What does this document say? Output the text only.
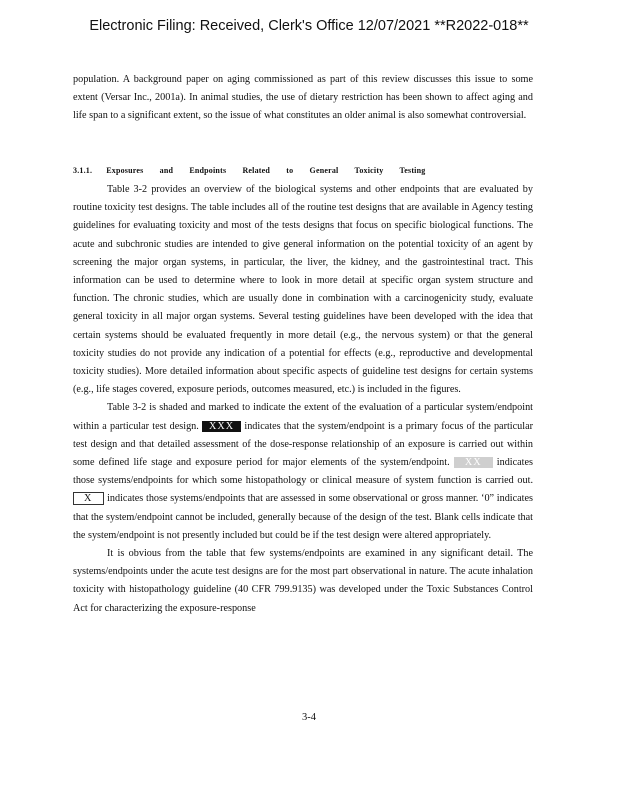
Electronic Filing: Received, Clerk's Office 12/07/2021 **R2022-018**

population. A background paper on aging commissioned as part of this review discusses this issue to some extent (Versar Inc., 2001a). In animal studies, the use of dietary restriction has been shown to affect aging and life span to a significant extent, so the issue of what constitutes an older animal is also somewhat controversial.

3.1.1. Exposures and Endpoints Related to General Toxicity Testing

Table 3-2 provides an overview of the biological systems and other endpoints that are evaluated by routine toxicity test designs. The table includes all of the routine test designs that are available in Agency testing guidelines for evaluating toxicity and most of the tests designs that focus on specific biological functions. The acute and subchronic studies are intended to give general information on the potential toxicity of an agent by screening the major organ systems, in particular, the liver, the kidney, and the gastrointestinal tract. This information can be used to determine where to look in more detail at specific organ system structure and function. The chronic studies, which are usually done in combination with a carcinogenicity study, evaluate general toxicity in all major organ systems. Several testing guidelines have been developed with the idea that certain systems should be evaluated frequently in more detail (e.g., the nervous system) or that the general toxicity studies do not provide any indication of a potential for effects (e.g., reproductive and developmental toxicity studies). More detailed information about specific aspects of guideline test designs for certain systems (e.g., life stages covered, exposure periods, outcomes measured, etc.) is included in the figures.

Table 3-2 is shaded and marked to indicate the extent of the evaluation of a particular system/endpoint within a particular test design. XXX indicates that the system/endpoint is a primary focus of the particular test design and that detailed assessment of the dose-response relationship of an exposure is carried out within some defined life stage and exposure period for major elements of the system/endpoint. XX indicates those systems/endpoints for which some histopathology or clinical measure of system function is carried out. X indicates those systems/endpoints that are assessed in some observational or gross manner. ‘0” indicates that the system/endpoint cannot be included, generally because of the design of the test. Blank cells indicate that the system/endpoint is not presently included but could be if the test design were altered appropriately.

It is obvious from the table that few systems/endpoints are examined in any significant detail. The systems/endpoints under the acute test designs are for the most part observational in nature. The acute inhalation toxicity with histopathology guideline (40 CFR 799.9135) was developed under the Toxic Substances Control Act for characterizing the exposure-response

3-4
